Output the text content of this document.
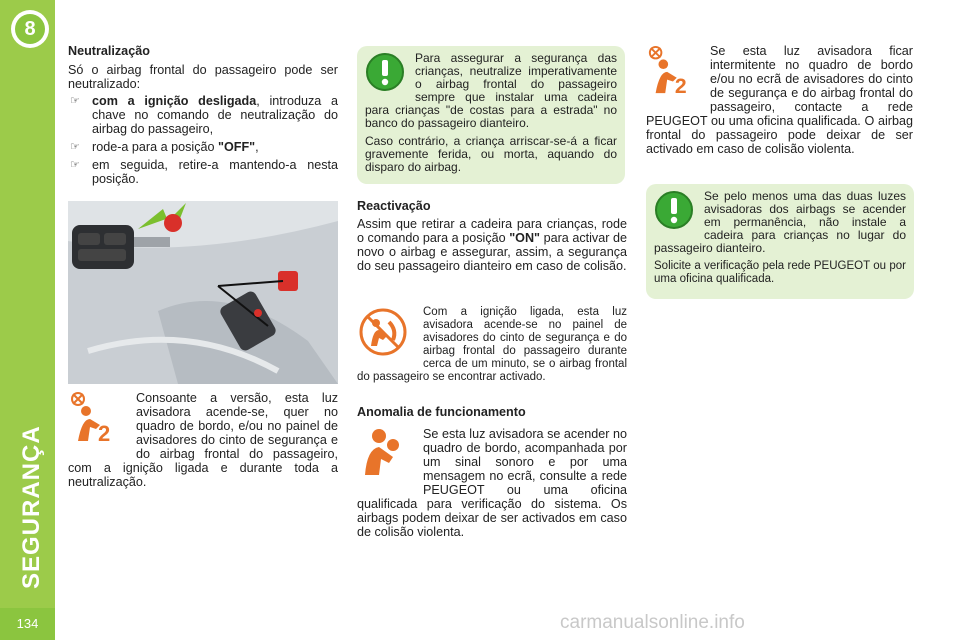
8
SEGURANÇA
134
Neutralização

Só o airbag frontal do passageiro pode ser neutralizado:

☞ com a ignição desligada, introduza a chave no comando de neutralização do airbag do passageiro,
☞ rode-a para a posição "OFF",
☞ em seguida, retire-a mantendo-a nesta posição.
2
Consoante a versão, esta luz avisadora acende-se, quer no quadro de bordo, e/ou no painel de avisadores do cinto de segurança e do airbag frontal do passageiro, com a ignição ligada e durante toda a neutralização.

Para assegurar a segurança das crianças, neutralize imperativamente o airbag frontal do passageiro sempre que instalar uma cadeira para crianças "de costas para a estrada" no banco do passageiro dianteiro.

Caso contrário, a criança arriscar-se-á a ficar gravemente ferida, ou morta, aquando do disparo do airbag.

Reactivação

Assim que retirar a cadeira para crianças, rode o comando para a posição "ON" para activar de novo o airbag e assegurar, assim, a segurança do seu passageiro dianteiro em caso de colisão.

Com a ignição ligada, esta luz avisadora acende-se no painel de avisadores do cinto de segurança e do airbag frontal do passageiro durante cerca de um minuto, se o airbag frontal do passageiro se encontrar activado.
Anomalia de funcionamento
Se esta luz avisadora se acender no quadro de bordo, acompanhada por um sinal sonoro e por uma mensagem no ecrã, consulte a rede PEUGEOT ou uma oficina qualificada para verificação do sistema. Os airbags podem deixar de ser activados em caso de colisão violenta.
2
Se esta luz avisadora ficar intermitente no quadro de bordo e/ou no ecrã de avisadores do cinto de segurança e do airbag frontal do passageiro, contacte a rede PEUGEOT ou uma oficina qualificada. O airbag frontal do passageiro pode deixar de ser activado em caso de colisão violenta.

Se pelo menos uma das duas luzes avisadoras dos airbags se acender em permanência, não instale a cadeira para crianças no lugar do passageiro dianteiro.

Solicite a verificação pela rede PEUGEOT ou por uma oficina qualificada.

carmanualsonline.info
